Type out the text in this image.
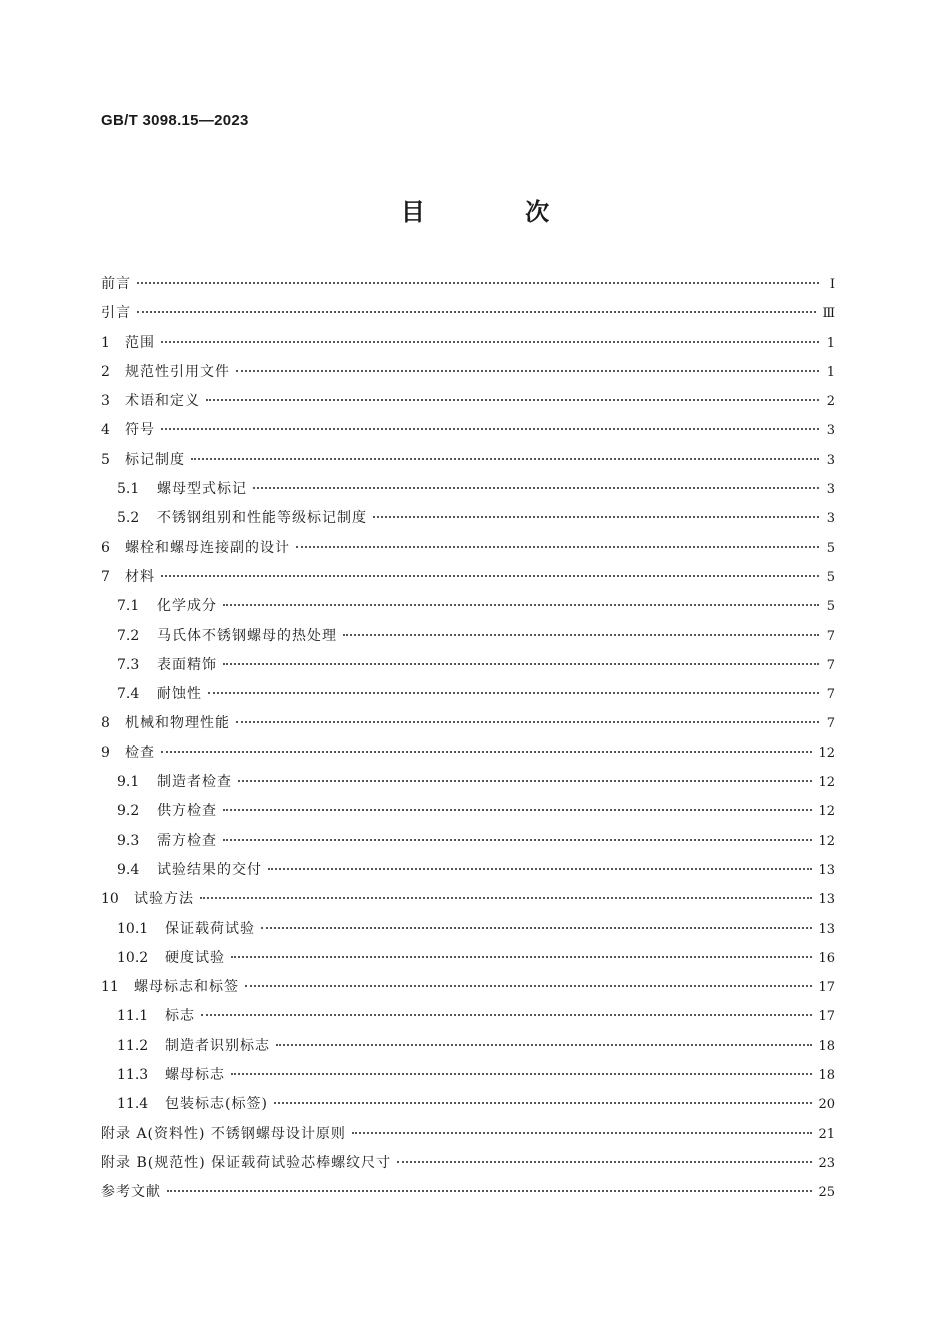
GB/T 3098.15—2023
目 次
前言	Ⅰ
引言	Ⅲ
1	范围	1
2	规范性引用文件	1
3	术语和定义	2
4	符号	3
5	标记制度	3
5.1	螺母型式标记	3
5.2	不锈钢组别和性能等级标记制度	3
6	螺栓和螺母连接副的设计	5
7	材料	5
7.1	化学成分	5
7.2	马氏体不锈钢螺母的热处理	7
7.3	表面精饰	7
7.4	耐蚀性	7
8	机械和物理性能	7
9	检查	12
9.1	制造者检查	12
9.2	供方检查	12
9.3	需方检查	12
9.4	试验结果的交付	13
10	试验方法	13
10.1	保证载荷试验	13
10.2	硬度试验	16
11	螺母标志和标签	17
11.1	标志	17
11.2	制造者识别标志	18
11.3	螺母标志	18
11.4	包装标志(标签)	20
附录 A(资料性) 不锈钢螺母设计原则	21
附录 B(规范性) 保证载荷试验芯棒螺纹尺寸	23
参考文献	25
